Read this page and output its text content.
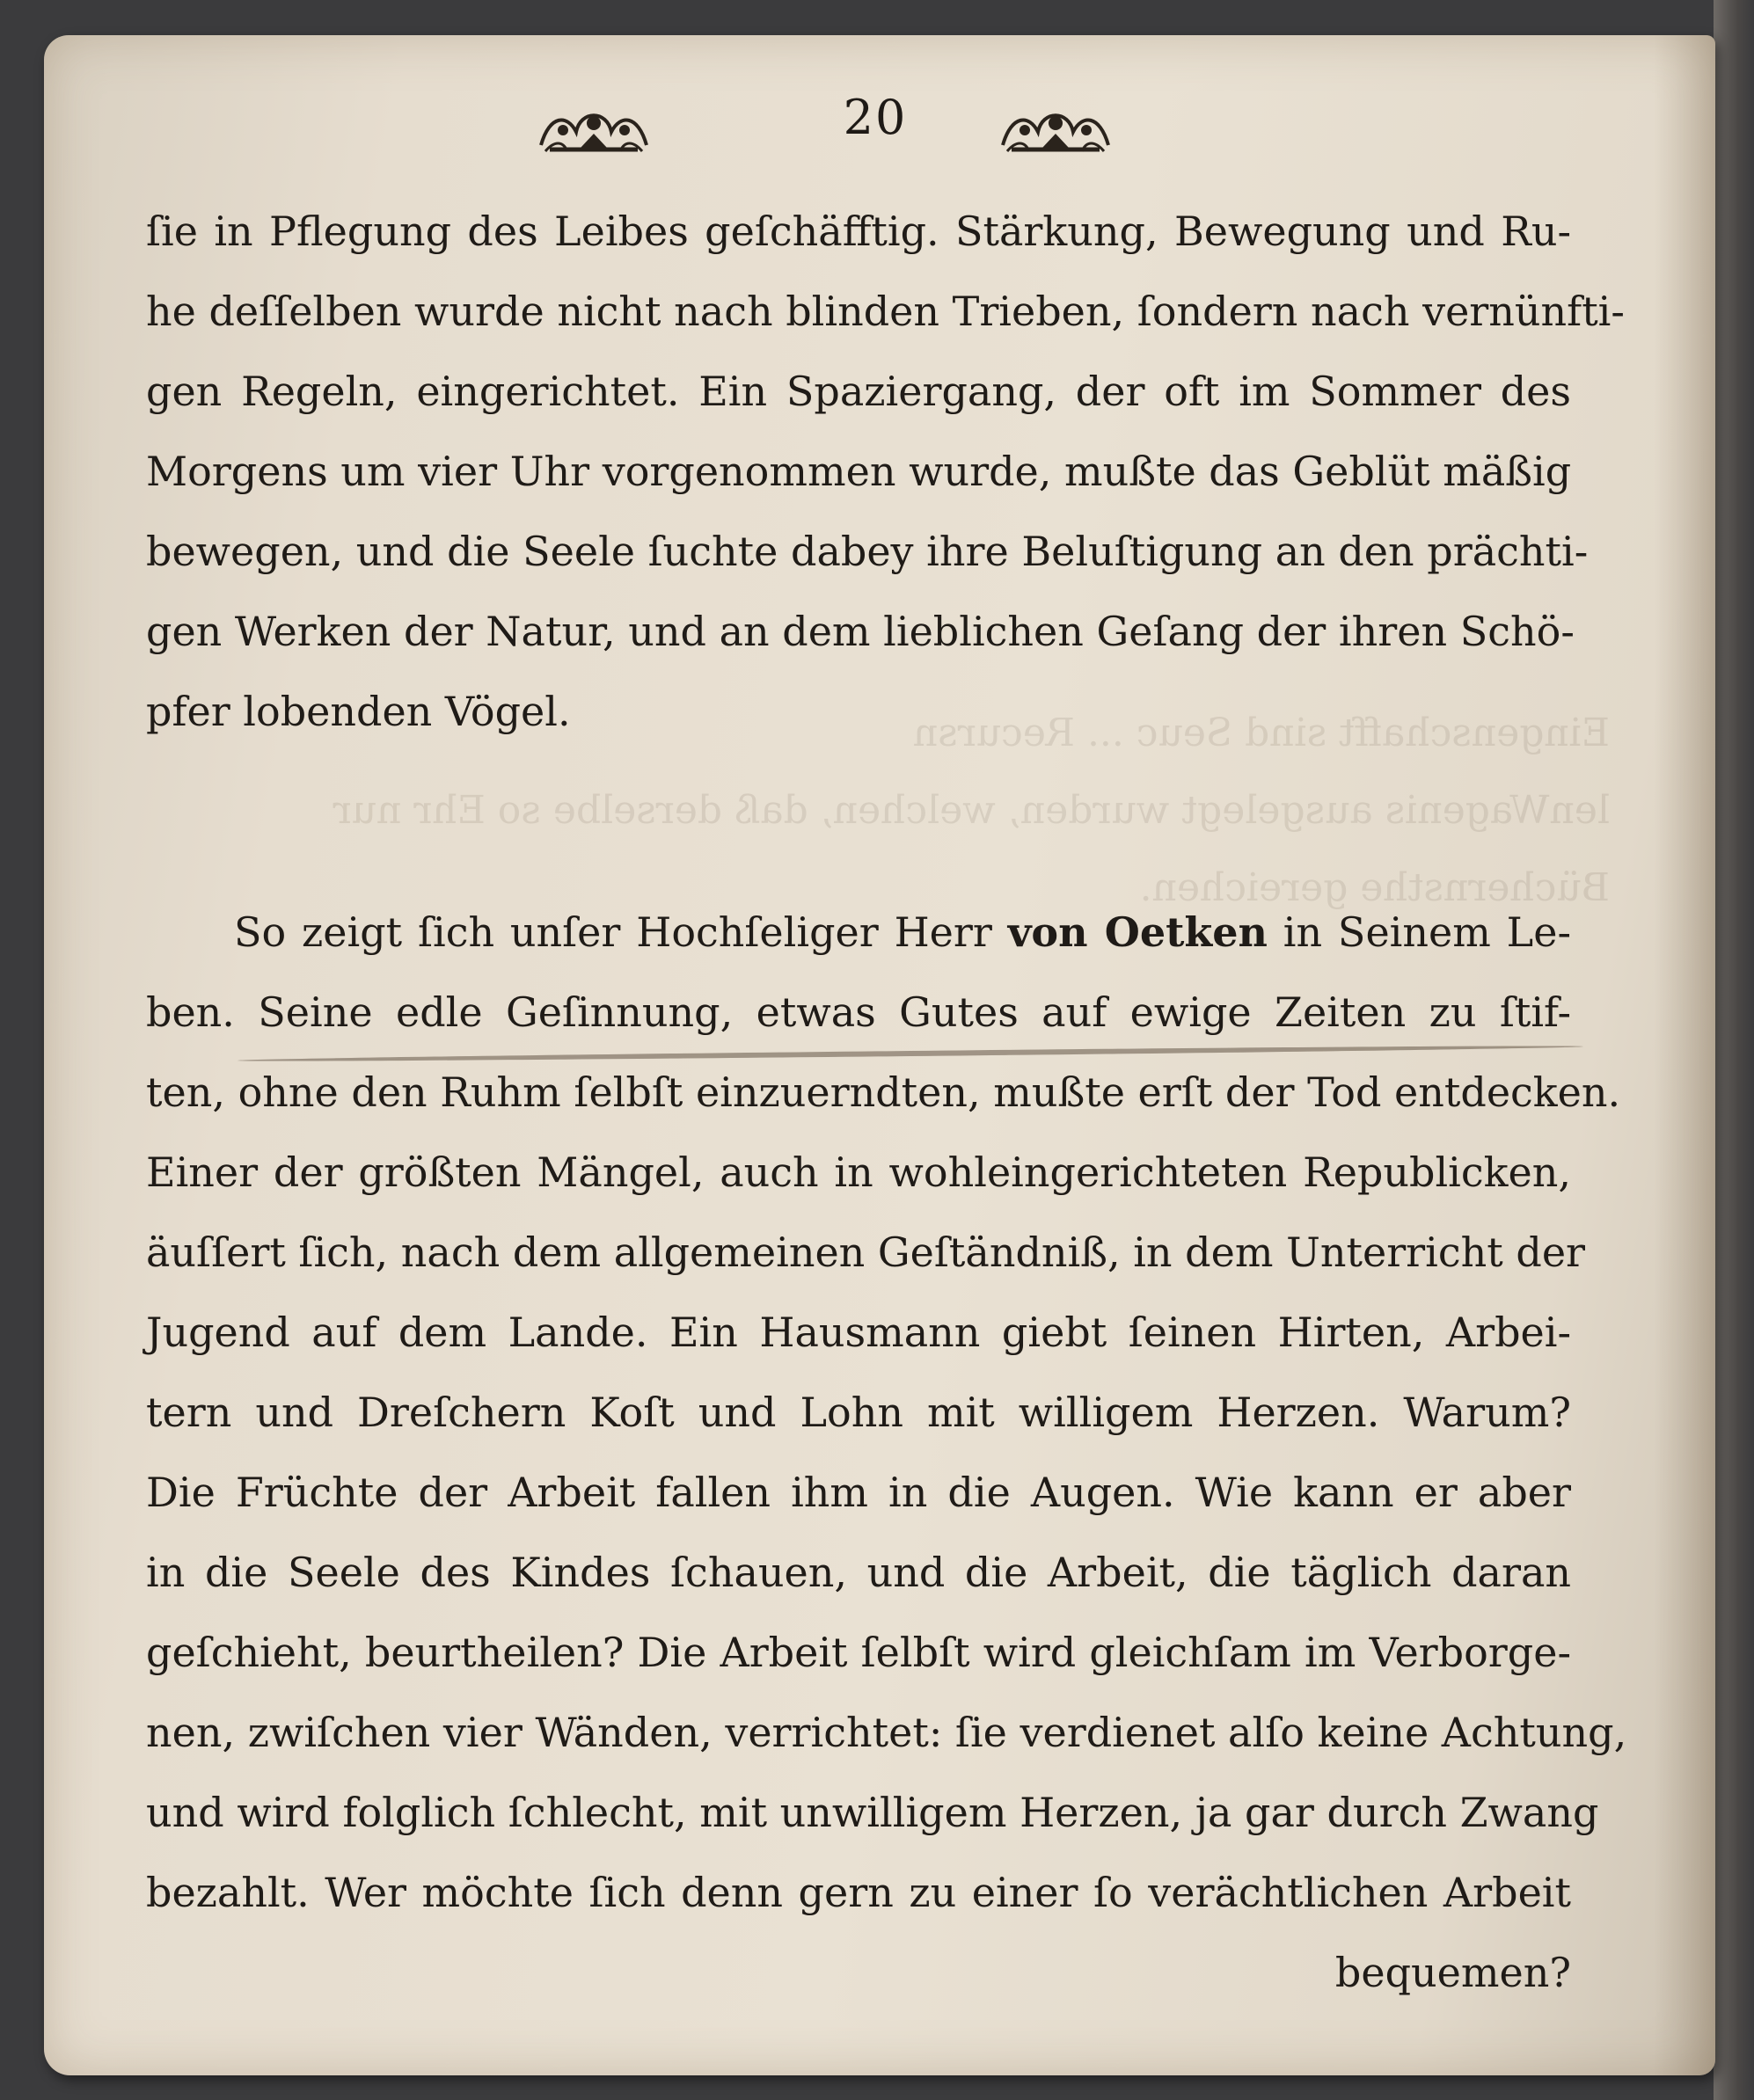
Eingenschafft sind Seuc ... Recursn
lenWagenis ausgelegt wurden, welchen, daß derselbe so Ehr nur
Büchernsthe gereichen.
20
ſie in Pflegung des Leibes geſchäfftig. Stärkung, Bewegung und Ru-
he deſſelben wurde nicht nach blinden Trieben, ſondern nach vernünfti-
gen Regeln, eingerichtet. Ein Spaziergang, der oft im Sommer des
Morgens um vier Uhr vorgenommen wurde, mußte das Geblüt mäßig
bewegen, und die Seele ſuchte dabey ihre Beluſtigung an den prächti-
gen Werken der Natur, und an dem lieblichen Geſang der ihren Schö-
pfer lobenden Vögel.
So zeigt ſich unſer Hochſeliger Herr von Oetken in Seinem Le-
ben. Seine edle Geſinnung, etwas Gutes auf ewige Zeiten zu ſtif-
ten, ohne den Ruhm ſelbſt einzuerndten, mußte erſt der Tod entdecken.
Einer der größten Mängel, auch in wohleingerichteten Republicken,
äuſſert ſich, nach dem allgemeinen Geſtändniß, in dem Unterricht der
Jugend auf dem Lande. Ein Hausmann giebt ſeinen Hirten, Arbei-
tern und Dreſchern Koſt und Lohn mit willigem Herzen. Warum?
Die Früchte der Arbeit fallen ihm in die Augen. Wie kann er aber
in die Seele des Kindes ſchauen, und die Arbeit, die täglich daran
geſchieht, beurtheilen? Die Arbeit ſelbſt wird gleichſam im Verborge-
nen, zwiſchen vier Wänden, verrichtet: ſie verdienet alſo keine Achtung,
und wird folglich ſchlecht, mit unwilligem Herzen, ja gar durch Zwang
bezahlt. Wer möchte ſich denn gern zu einer ſo verächtlichen Arbeit
bequemen?
